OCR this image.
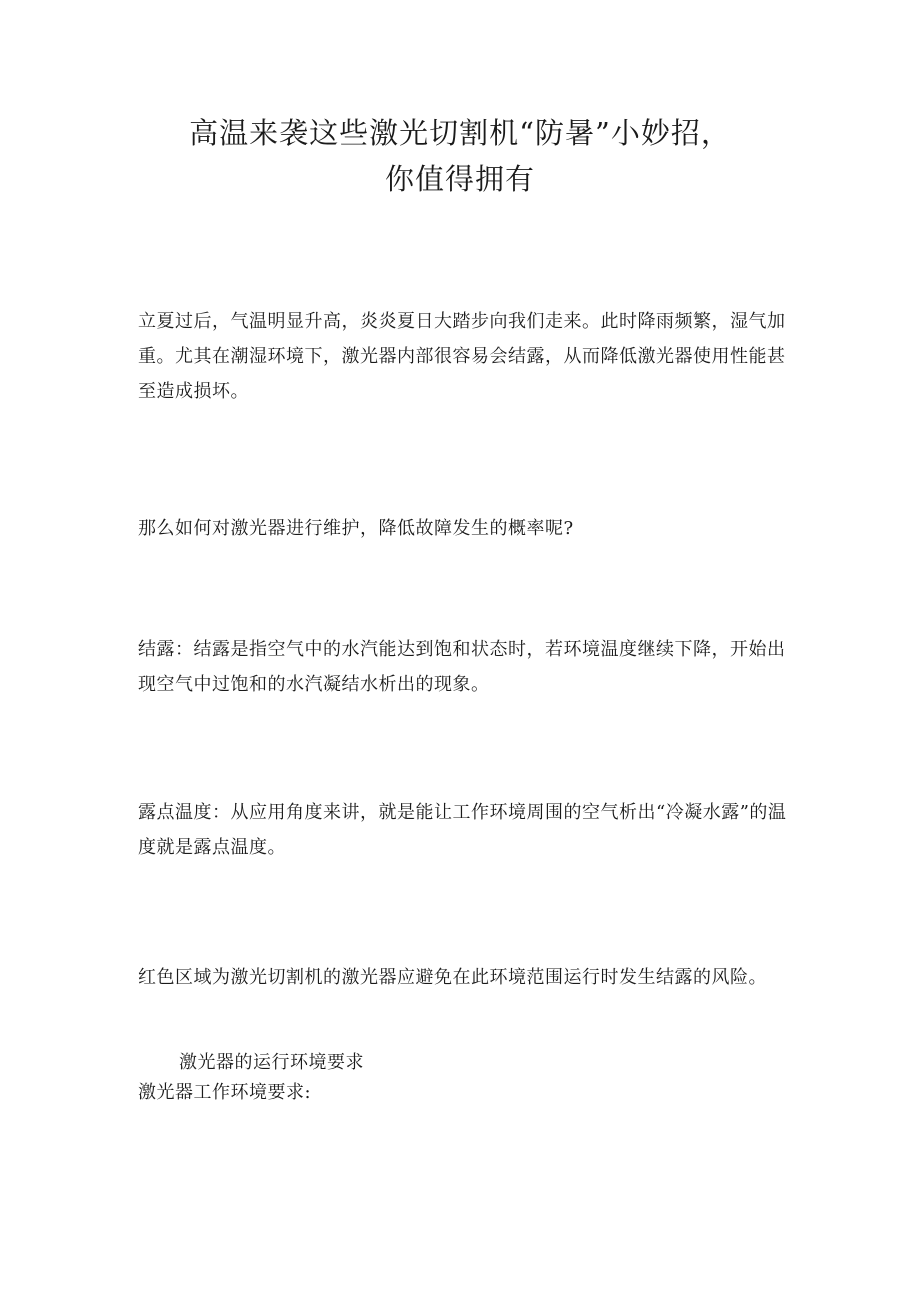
高温来袭这些激光切割机“防暑”小妙招，
你值得拥有

立夏过后，气温明显升高，炎炎夏日大踏步向我们走来。此时降雨频繁，湿气加重。尤其在潮湿环境下，激光器内部很容易会结露，从而降低激光器使用性能甚至造成损坏。

那么如何对激光器进行维护，降低故障发生的概率呢?

结露：结露是指空气中的水汽能达到饱和状态时，若环境温度继续下降，开始出现空气中过饱和的水汽凝结水析出的现象。

露点温度：从应用角度来讲，就是能让工作环境周围的空气析出“冷凝水露”的温度就是露点温度。

红色区域为激光切割机的激光器应避免在此环境范围运行时发生结露的风险。

激光器的运行环境要求

激光器工作环境要求:
